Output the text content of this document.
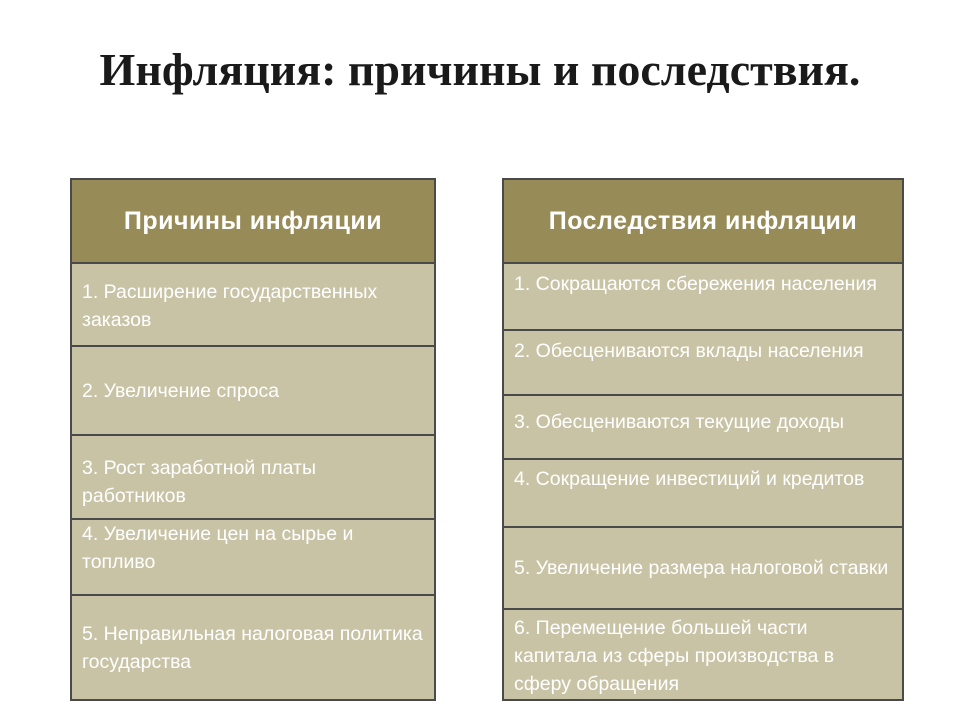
Инфляция: причины и последствия.
Причины инфляции
1. Расширение государственных заказов
2. Увеличение спроса
3. Рост заработной платы работников
4. Увеличение цен на сырье и топливо
5. Неправильная налоговая политика государства
Последствия инфляции
1. Сокращаются сбережения населения
2. Обесцениваются вклады населения
3. Обесцениваются текущие доходы
4. Сокращение инвестиций и кредитов
5. Увеличение размера налоговой ставки
6. Перемещение большей части капитала из сферы производства в сферу обращения
